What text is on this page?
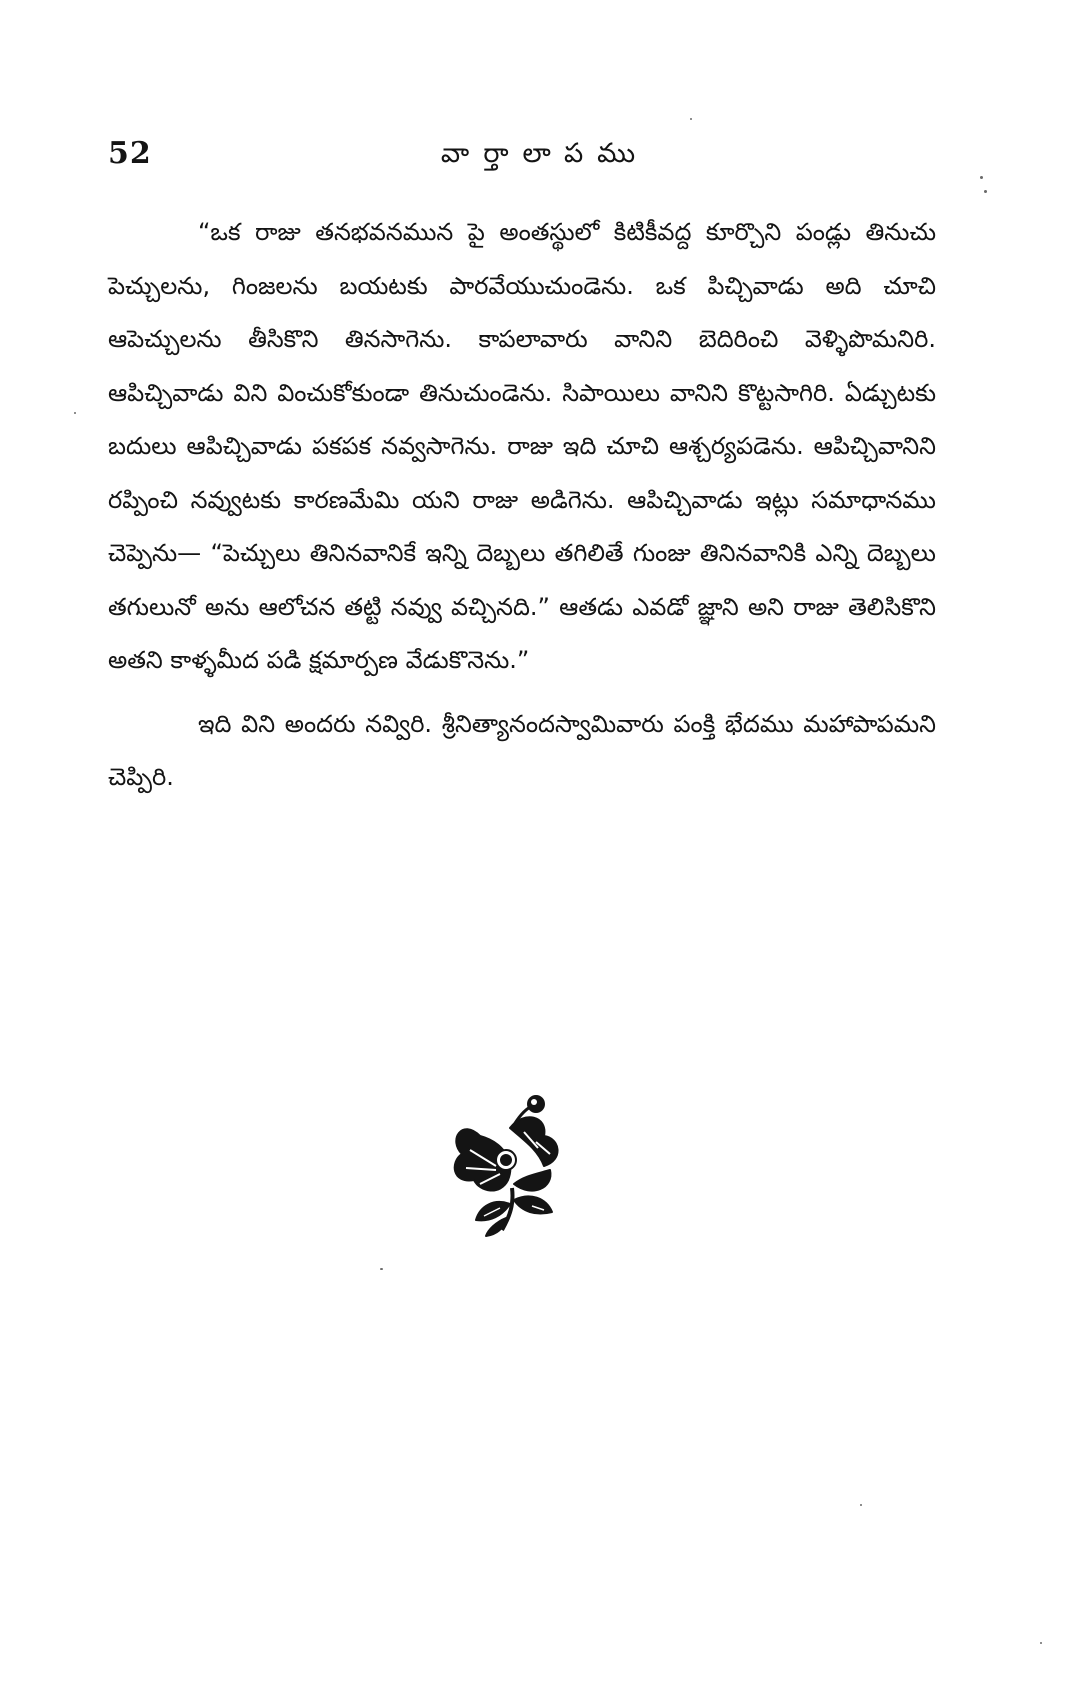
52	వార్తాలాపము

“ఒక రాజు తనభవనమున పై అంతస్థులో కిటికీవద్ద కూర్చొని పండ్లు తినుచు పెచ్చులను, గింజలను బయటకు పారవేయుచుండెను. ఒక పిచ్చివాడు అది చూచి ఆపెచ్చులను తీసికొని తినసాగెను. కాపలావారు వానిని బెదిరించి వెళ్ళిపొమనిరి. ఆపిచ్చివాడు విని వించుకోకుండా తినుచుండెను. సిపాయిలు వానిని కొట్టసాగిరి. ఏడ్చుటకు బదులు ఆపిచ్చివాడు పకపక నవ్వసాగెను. రాజు ఇది చూచి ఆశ్చర్యపడెను. ఆపిచ్చివానిని రప్పించి నవ్వుటకు కారణమేమి యని రాజు అడిగెను. ఆపిచ్చివాడు ఇట్లు సమాధానము చెప్పెను— “పెచ్చులు తినినవానికే ఇన్ని దెబ్బలు తగిలితే గుంజు తినినవానికి ఎన్ని దెబ్బలు తగులునో అను ఆలోచన తట్టి నవ్వు వచ్చినది.” ఆతడు ఎవడో జ్ఞాని అని రాజు తెలిసికొని అతని కాళ్ళమీద పడి క్షమార్పణ వేడుకొనెను.”

ఇది విని అందరు నవ్విరి. శ్రీనిత్యానందస్వామివారు పంక్తి భేదము మహాపాపమని చెప్పిరి.
